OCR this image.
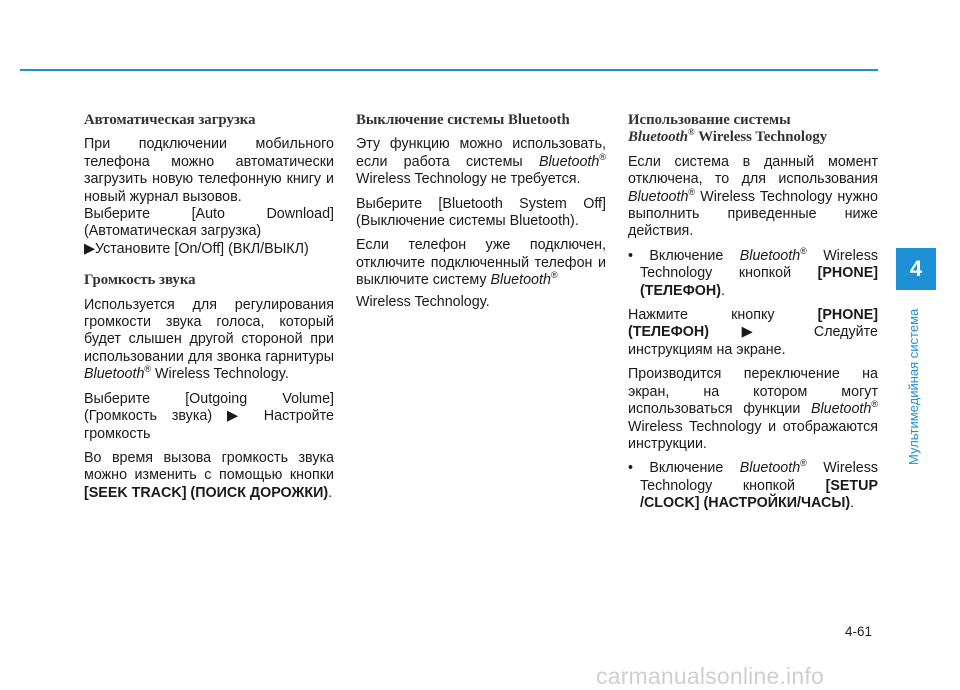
Автоматическая загрузка

При подключении мобильного телефона можно автоматически загрузить новую телефонную книгу и новый журнал вызовов.

Выберите [Auto Download] (Автоматическая загрузка)
▶Установите [On/Off] (ВКЛ/ВЫКЛ)

Громкость звука

Используется для регулирования громкости звука голоса, который будет слышен другой стороной при использовании для звонка гарнитуры Bluetooth® Wireless Technology.

Выберите [Outgoing Volume] (Громкость звука) ▶ Настройте громкость

Во время вызова громкость звука можно изменить с помощью кнопки [SEEK TRACK] (ПОИСК ДОРОЖКИ).

Выключение системы Bluetooth

Эту функцию можно использовать, если работа системы Bluetooth® Wireless Technology не требуется.

Выберите [Bluetooth System Off] (Выключение системы Bluetooth).

Если телефон уже подключен, отключите подключенный телефон и выключите систему Bluetooth®

Wireless Technology.

Использование системы
Bluetooth® Wireless Technology

Если система в данный момент отключена, то для использования Bluetooth® Wireless Technology нужно выполнить приведенные ниже действия.

• Включение Bluetooth® Wireless Technology кнопкой [PHONE] (ТЕЛЕФОН).

Нажмите кнопку [PHONE] (ТЕЛЕФОН) ▶ Следуйте инструкциям на экране.

Производится переключение на экран, на котором могут использоваться функции Bluetooth® Wireless Technology и отображаются инструкции.

• Включение Bluetooth® Wireless Technology кнопкой [SETUP /CLOCK] (НАСТРОЙКИ/ЧАСЫ).

4
Мультимедийная система
4-61
carmanualsonline.info
